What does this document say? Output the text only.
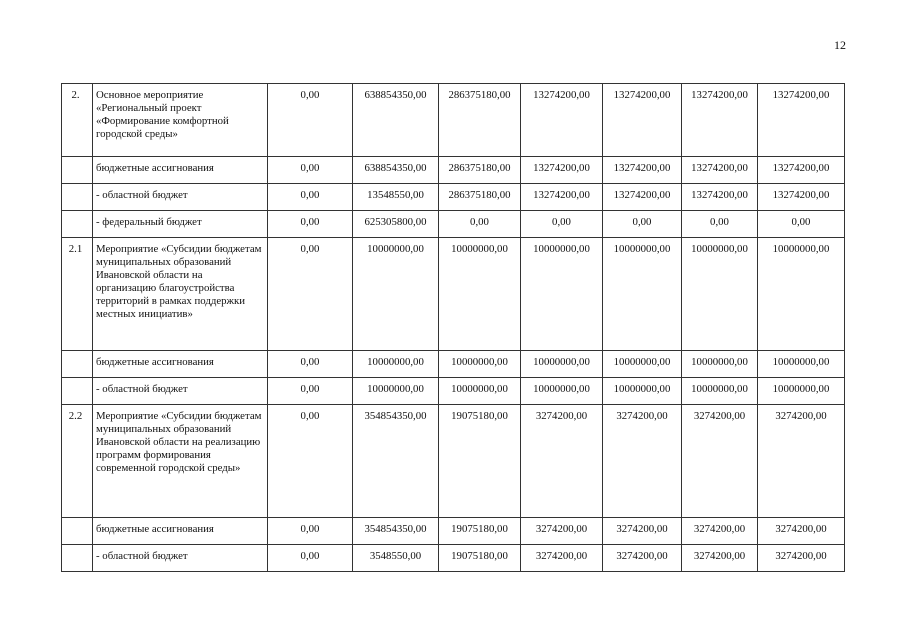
12
2.	Основное мероприятие «Региональный проект «Формирование комфортной городской среды»	0,00	638854350,00	286375180,00	13274200,00	13274200,00	13274200,00	13274200,00
	бюджетные ассигнования	0,00	638854350,00	286375180,00	13274200,00	13274200,00	13274200,00	13274200,00
	- областной бюджет	0,00	13548550,00	286375180,00	13274200,00	13274200,00	13274200,00	13274200,00
	- федеральный бюджет	0,00	625305800,00	0,00	0,00	0,00	0,00	0,00
2.1	Мероприятие «Субсидии бюджетам муниципальных образований Ивановской области на организацию благоустройства территорий в рамках поддержки местных инициатив»	0,00	10000000,00	10000000,00	10000000,00	10000000,00	10000000,00	10000000,00
	бюджетные ассигнования	0,00	10000000,00	10000000,00	10000000,00	10000000,00	10000000,00	10000000,00
	- областной бюджет	0,00	10000000,00	10000000,00	10000000,00	10000000,00	10000000,00	10000000,00
2.2	Мероприятие «Субсидии бюджетам муниципальных образований Ивановской области на реализацию программ формирования современной городской среды»	0,00	354854350,00	19075180,00	3274200,00	3274200,00	3274200,00	3274200,00
	бюджетные ассигнования	0,00	354854350,00	19075180,00	3274200,00	3274200,00	3274200,00	3274200,00
	- областной бюджет	0,00	3548550,00	19075180,00	3274200,00	3274200,00	3274200,00	3274200,00
